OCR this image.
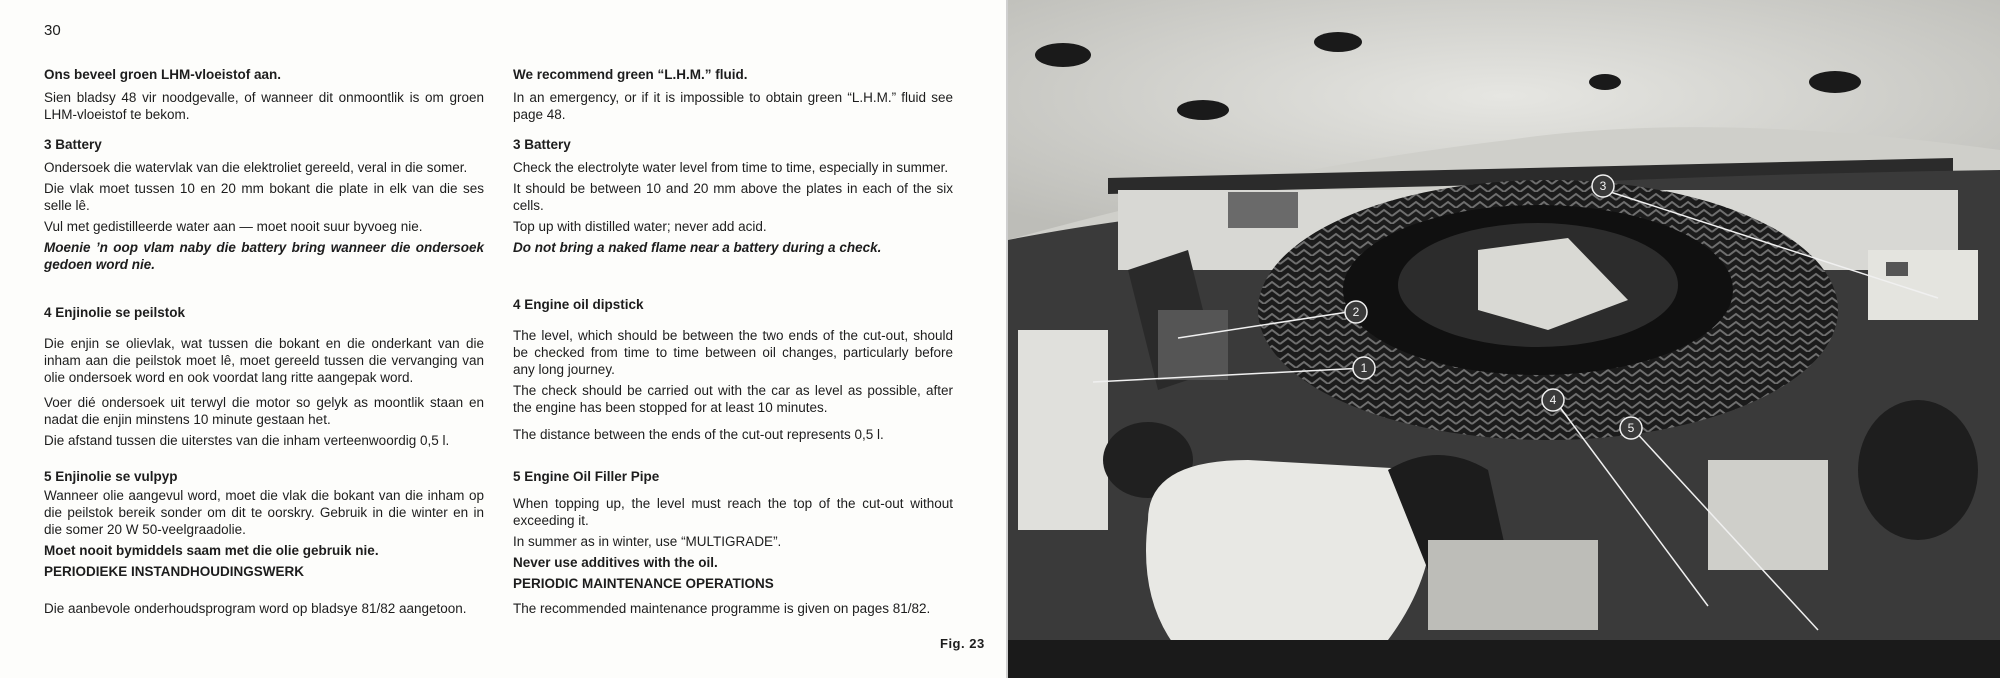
30

Ons beveel groen LHM-vloeistof aan.

Sien bladsy 48 vir noodgevalle, of wanneer dit onmoontlik is om groen LHM-vloeistof te bekom.

3 Battery

Ondersoek die watervlak van die elektroliet gereeld, veral in die somer.

Die vlak moet tussen 10 en 20 mm bokant die plate in elk van die ses selle lê.

Vul met gedistilleerde water aan — moet nooit suur byvoeg nie.

Moenie ’n oop vlam naby die battery bring wanneer die ondersoek gedoen word nie.

4 Enjinolie se peilstok

Die enjin se olievlak, wat tussen die bokant en die onderkant van die inham aan die peilstok moet lê, moet gereeld tussen die vervanging van olie ondersoek word en ook voordat lang ritte aangepak word.

Voer dié ondersoek uit terwyl die motor so gelyk as moontlik staan en nadat die enjin minstens 10 minute gestaan het.

Die afstand tussen die uiterstes van die inham verteenwoordig 0,5 l.

5 Enjinolie se vulpyp

Wanneer olie aangevul word, moet die vlak die bokant van die inham op die peilstok bereik sonder om dit te oorskry. Gebruik in die winter en in die somer 20 W 50-veelgraadolie.

Moet nooit bymiddels saam met die olie gebruik nie.

PERIODIEKE INSTANDHOUDINGSWERK

Die aanbevole onderhoudsprogram word op bladsye 81/82 aangetoon.

We recommend green “L.H.M.” fluid.

In an emergency, or if it is impossible to obtain green “L.H.M.” fluid see page 48.

3 Battery

Check the electrolyte water level from time to time, especially in summer.

It should be between 10 and 20 mm above the plates in each of the six cells.

Top up with distilled water; never add acid.

Do not bring a naked flame near a battery during a check.

4 Engine oil dipstick

The level, which should be between the two ends of the cut-out, should be checked from time to time between oil changes, particularly before any long journey.

The check should be carried out with the car as level as possible, after the engine has been stopped for at least 10 minutes.

The distance between the ends of the cut-out represents 0,5 l.

5 Engine Oil Filler Pipe

When topping up, the level must reach the top of the cut-out without exceeding it.

In summer as in winter, use “MULTIGRADE”.

Never use additives with the oil.

PERIODIC MAINTENANCE OPERATIONS

The recommended maintenance programme is given on pages 81/82.

Fig. 23
1
2
3
4
5
